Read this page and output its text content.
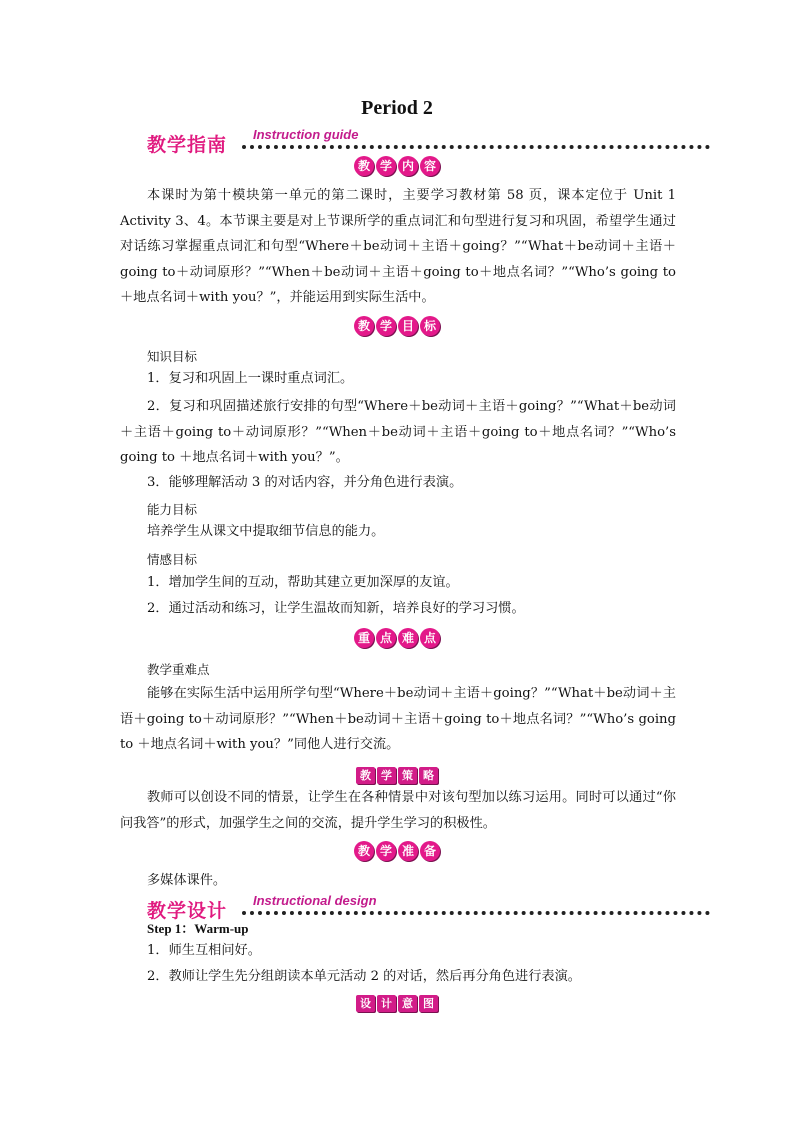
Period 2
教学指南 Instruction guide
教 学 内 容

本课时为第十模块第一单元的第二课时，主要学习教材第 58 页，课本定位于 Unit 1 Activity 3、4。本节课主要是对上节课所学的重点词汇和句型进行复习和巩固，希望学生通过对话练习掌握重点词汇和句型“Where＋be动词＋主语＋going？”“What＋be动词＋主语＋going to＋动词原形？”“When＋be动词＋主语＋going to＋地点名词？”“Who’s going to ＋地点名词＋with you？”，并能运用到实际生活中。

教 学 目 标
知识目标
1．复习和巩固上一课时重点词汇。

2．复习和巩固描述旅行安排的句型“Where＋be动词＋主语＋going？”“What＋be动词＋主语＋going to＋动词原形？”“When＋be动词＋主语＋going to＋地点名词？”“Who’s going to ＋地点名词＋with you？”。

3．能够理解活动 3 的对话内容，并分角色进行表演。
能力目标
培养学生从课文中提取细节信息的能力。
情感目标
1．增加学生间的互动，帮助其建立更加深厚的友谊。
2．通过活动和练习，让学生温故而知新，培养良好的学习习惯。
重 点 难 点
教学重难点

能够在实际生活中运用所学句型“Where＋be动词＋主语＋going？”“What＋be动词＋主语＋going to＋动词原形？”“When＋be动词＋主语＋going to＋地点名词？”“Who’s going to ＋地点名词＋with you？”同他人进行交流。

教 学 策 略

教师可以创设不同的情景，让学生在各种情景中对该句型加以练习运用。同时可以通过“你问我答”的形式，加强学生之间的交流，提升学生学习的积极性。

教 学 准 备
多媒体课件。
教学设计 Instructional design
Step 1：Warm-up
1．师生互相问好。
2．教师让学生先分组朗读本单元活动 2 的对话，然后再分角色进行表演。
设 计 意 图
